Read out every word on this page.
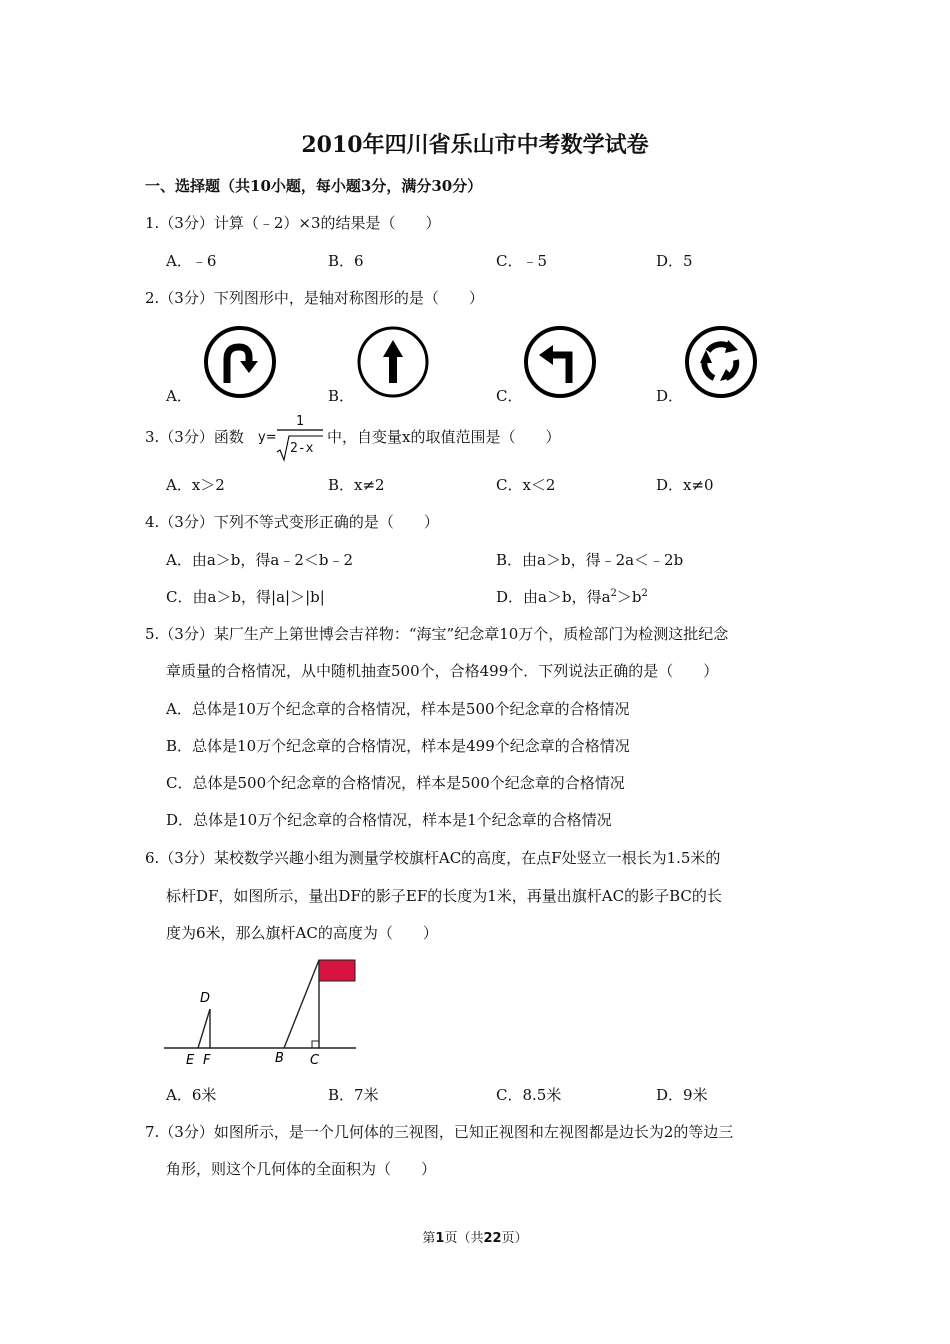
2010年四川省乐山市中考数学试卷
一、选择题（共10小题，每小题3分，满分30分）
1.（3分）计算（﹣2）×3的结果是（　　）
A．﹣6	B．6	C．﹣5	D．5
2.（3分）下列图形中，是轴对称图形的是（　　）
A．	B．	C．	D．
3.（3分）函数 y=
1
2-x
中，自变量x的取值范围是（　　）
A．x＞2	B．x≠2	C．x＜2	D．x≠0
4.（3分）下列不等式变形正确的是（　　）
A．由a＞b，得a﹣2＜b﹣2	B．由a＞b，得﹣2a＜﹣2b
C．由a＞b，得|a|＞|b|	D．由a＞b，得$a^2>b^2$
5.（3分）某厂生产上第世博会吉祥物：“海宝”纪念章10万个，质检部门为检测这批纪念
章质量的合格情况，从中随机抽查500个，合格499个．下列说法正确的是（　　）
A．总体是10万个纪念章的合格情况，样本是500个纪念章的合格情况
B．总体是10万个纪念章的合格情况，样本是499个纪念章的合格情况
C．总体是500个纪念章的合格情况，样本是500个纪念章的合格情况
D．总体是10万个纪念章的合格情况，样本是1个纪念章的合格情况
6.（3分）某校数学兴趣小组为测量学校旗杆AC的高度，在点F处竖立一根长为1.5米的
标杆DF，如图所示，量出DF的影子EF的长度为1米，再量出旗杆AC的影子BC的长
度为6米，那么旗杆AC的高度为（　　）
D
E F	B C
A．6米	B．7米	C．8.5米	D．9米
7.（3分）如图所示，是一个几何体的三视图，已知正视图和左视图都是边长为2的等边三
角形，则这个几何体的全面积为（　　）
第1页（共22页）
